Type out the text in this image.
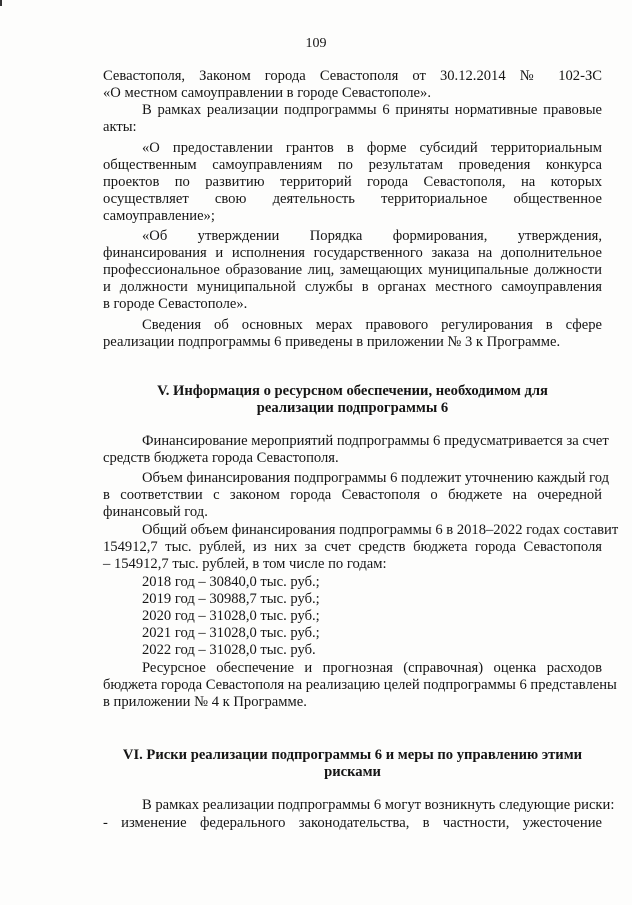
109
Севастополя, Законом города Севастополя от 30.12.2014 № 102-ЗС
«О местном самоуправлении в городе Севастополе».
В рамках реализации подпрограммы 6 приняты нормативные правовые
акты:
«О предоставлении грантов в форме субсидий территориальным
общественным самоуправлениям по результатам проведения конкурса
проектов по развитию территорий города Севастополя, на которых
осуществляет свою деятельность территориальное общественное
самоуправление»;
«Об утверждении Порядка формирования, утверждения,
финансирования и исполнения государственного заказа на дополнительное
профессиональное образование лиц, замещающих муниципальные должности
и должности муниципальной службы в органах местного самоуправления
в городе Севастополе».
Сведения об основных мерах правового регулирования в сфере
реализации подпрограммы 6 приведены в приложении № 3 к Программе.
V. Информация о ресурсном обеспечении, необходимом для
реализации подпрограммы 6
Финансирование мероприятий подпрограммы 6 предусматривается за счет
средств бюджета города Севастополя.
Объем финансирования подпрограммы 6 подлежит уточнению каждый год
в соответствии с законом города Севастополя о бюджете на очередной
финансовый год.
Общий объем финансирования подпрограммы 6 в 2018–2022 годах составит
154912,7 тыс. рублей, из них за счет средств бюджета города Севастополя
– 154912,7 тыс. рублей, в том числе по годам:
2018 год – 30840,0 тыс. руб.;
2019 год – 30988,7 тыс. руб.;
2020 год – 31028,0 тыс. руб.;
2021 год – 31028,0 тыс. руб.;
2022 год – 31028,0 тыс. руб.
Ресурсное обеспечение и прогнозная (справочная) оценка расходов
бюджета города Севастополя на реализацию целей подпрограммы 6 представлены
в приложении № 4 к Программе.
VI. Риски реализации подпрограммы 6 и меры по управлению этими
рисками
В рамках реализации подпрограммы 6 могут возникнуть следующие риски:
- изменение федерального законодательства, в частности, ужесточение
